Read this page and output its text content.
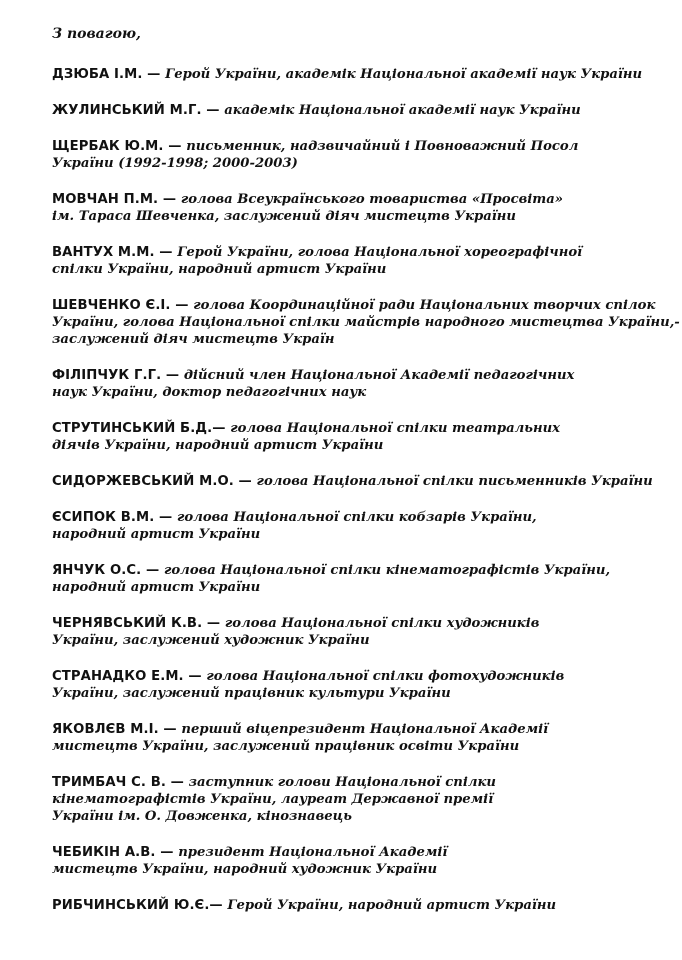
З повагою,
ДЗЮБА І.М. — Герой України, академік Національної академії наук України
ЖУЛИНСЬКИЙ М.Г. — академік Національної академії наук України
ЩЕРБАК Ю.М. — письменник, надзвичайний і Повноважний Посол
України (1992-1998; 2000-2003)
МОВЧАН П.М. — голова Всеукраїнського товариства «Просвіта»
ім. Тараса Шевченка, заслужений діяч мистецтв України
ВАНТУХ М.М. — Герой України, голова Національної хореографічної
спілки України, народний артист України
ШЕВЧЕНКО Є.І. — голова Координаційної ради Національних творчих спілок
України, голова Національної спілки майстрів народного мистецтва України,-
заслужений діяч мистецтв Україн
ФІЛІПЧУК Г.Г. — дійсний член Національної Академії педагогічних
наук України, доктор педагогічних наук
СТРУТИНСЬКИЙ Б.Д.— голова Національної спілки театральних
діячів України, народний артист України
СИДОРЖЕВСЬКИЙ М.О. — голова Національної спілки письменників України
ЄСИПОК В.М. — голова Національної спілки кобзарів України,
народний артист України
ЯНЧУК О.С. — голова Національної спілки кінематографістів України,
народний артист України
ЧЕРНЯВСЬКИЙ К.В. — голова Національної спілки художників
України, заслужений художник України
СТРАНАДКО Е.М. — голова Національної спілки фотохудожників
України, заслужений працівник культури України
ЯКОВЛЄВ М.І. — перший віцепрезидент Національної Академії
мистецтв України, заслужений працівник освіти України
ТРИМБАЧ С. В. — заступник голови Національної спілки
кінематографістів України, лауреат Державної премії
України ім. О. Довженка, кінознавець
ЧЕБИКІН А.В. — президент Національної Академії
мистецтв України, народний художник України
РИБЧИНСЬКИЙ Ю.Є.— Герой України, народний артист України
